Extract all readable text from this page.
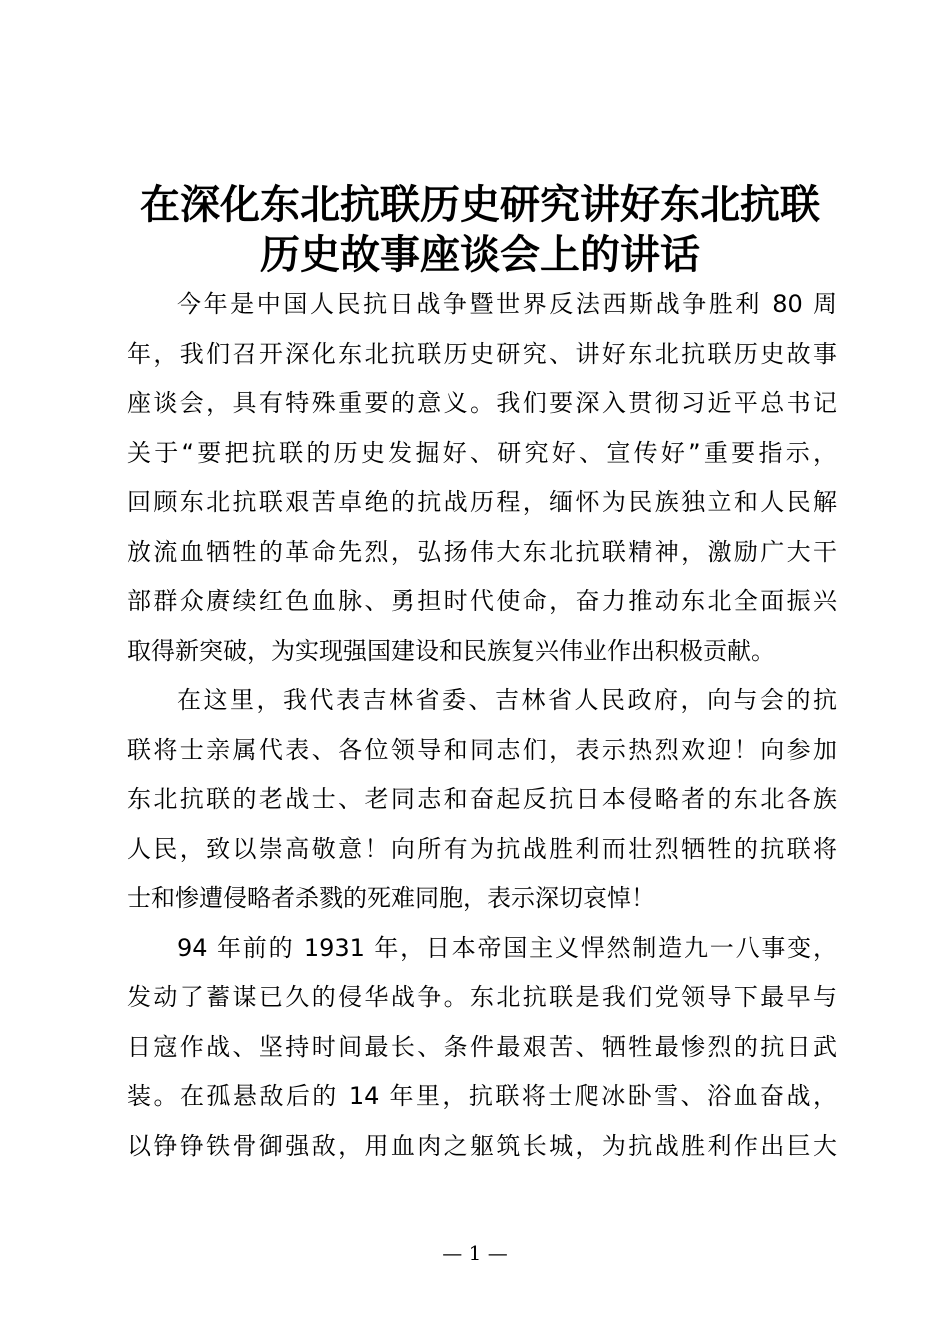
在深化东北抗联历史研究讲好东北抗联
历史故事座谈会上的讲话

今年是中国人民抗日战争暨世界反法西斯战争胜利 80 周
年，我们召开深化东北抗联历史研究、讲好东北抗联历史故事
座谈会，具有特殊重要的意义。我们要深入贯彻习近平总书记
关于“要把抗联的历史发掘好、研究好、宣传好”重要指示，
回顾东北抗联艰苦卓绝的抗战历程，缅怀为民族独立和人民解
放流血牺牲的革命先烈，弘扬伟大东北抗联精神，激励广大干
部群众赓续红色血脉、勇担时代使命，奋力推动东北全面振兴
取得新突破，为实现强国建设和民族复兴伟业作出积极贡献。

在这里，我代表吉林省委、吉林省人民政府，向与会的抗
联将士亲属代表、各位领导和同志们，表示热烈欢迎！向参加
东北抗联的老战士、老同志和奋起反抗日本侵略者的东北各族
人民，致以崇高敬意！向所有为抗战胜利而壮烈牺牲的抗联将
士和惨遭侵略者杀戮的死难同胞，表示深切哀悼！

94 年前的 1931 年，日本帝国主义悍然制造九一八事变，
发动了蓄谋已久的侵华战争。东北抗联是我们党领导下最早与
日寇作战、坚持时间最长、条件最艰苦、牺牲最惨烈的抗日武
装。在孤悬敌后的 14 年里，抗联将士爬冰卧雪、浴血奋战，
以铮铮铁骨御强敌，用血肉之躯筑长城，为抗战胜利作出巨大

— 1 —
